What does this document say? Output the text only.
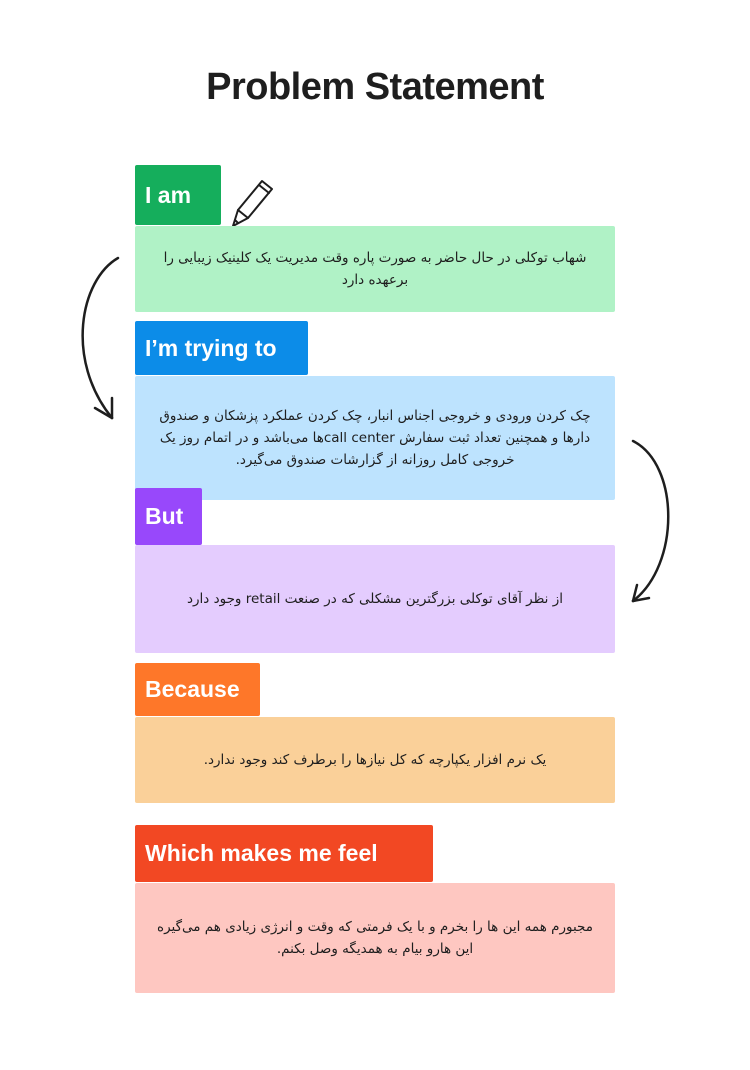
Problem Statement
I am
شهاب توکلی در حال حاضر به صورت پاره وقت مدیریت یک کلینیک زیبایی را برعهده دارد
I’m trying to
چک کردن ورودی و خروجی اجناس انبار، چک کردن عملکرد پزشکان و صندوق دارها و همچنین تعداد ثبت سفارش call centerها می‌باشد و در اتمام روز یک خروجی کامل روزانه از گزارشات صندوق می‌گیرد.
But
از نظر آقای توکلی بزرگترین مشکلی که در صنعت retail وجود دارد
Because
یک نرم افزار یکپارچه که کل نیازها را برطرف کند وجود ندارد.
Which makes me feel
مجبورم همه این ها را بخرم و با یک فرمتی که وقت و انرژی زیادی هم می‌گیره این هارو بیام به همدیگه وصل بکنم.
